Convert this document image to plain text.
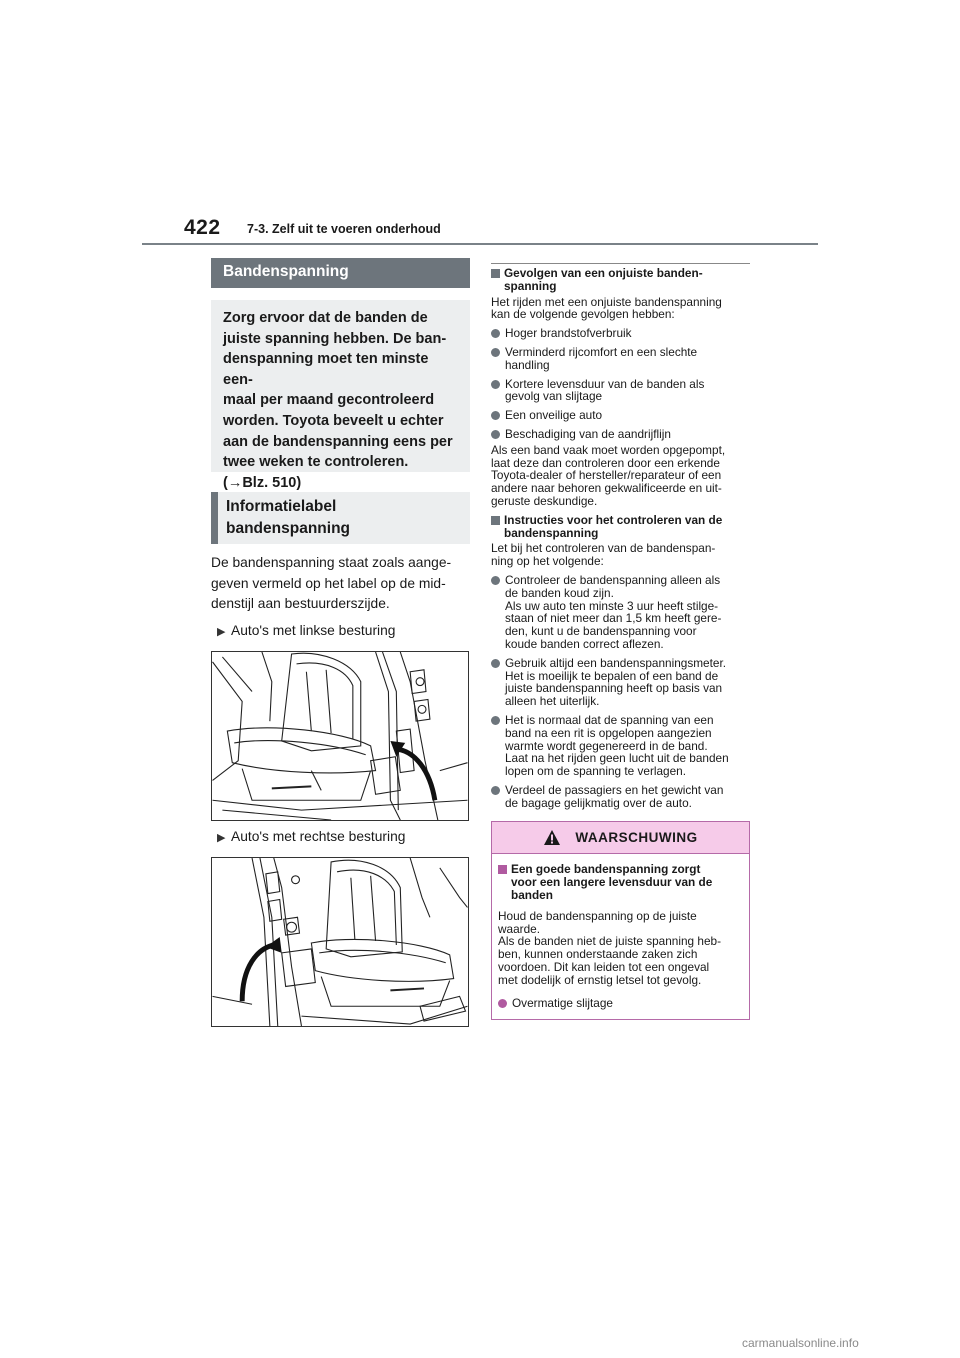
422 7-3. Zelf uit te voeren onderhoud
Bandenspanning
Zorg ervoor dat de banden de
juiste spanning hebben. De ban-
denspanning moet ten minste een-
maal per maand gecontroleerd
worden. Toyota beveelt u echter
aan de bandenspanning eens per
twee weken te controleren.
(→Blz. 510)
Informatielabel
bandenspanning
De bandenspanning staat zoals aange-
geven vermeld op het label op de mid-
denstijl aan bestuurderszijde.
▶ Auto's met linkse besturing
▶ Auto's met rechtse besturing
Gevolgen van een onjuiste banden-
spanning
Het rijden met een onjuiste bandenspanning
kan de volgende gevolgen hebben:
Hoger brandstofverbruik
Verminderd rijcomfort en een slechte
handling
Kortere levensduur van de banden als
gevolg van slijtage
Een onveilige auto
Beschadiging van de aandrijflijn
Als een band vaak moet worden opgepompt,
laat deze dan controleren door een erkende
Toyota-dealer of hersteller/reparateur of een
andere naar behoren gekwalificeerde en uit-
geruste deskundige.
Instructies voor het controleren van de
bandenspanning
Let bij het controleren van de bandenspan-
ning op het volgende:
Controleer de bandenspanning alleen als
de banden koud zijn.
Als uw auto ten minste 3 uur heeft stilge-
staan of niet meer dan 1,5 km heeft gere-
den, kunt u de bandenspanning voor
koude banden correct aflezen.
Gebruik altijd een bandenspanningsmeter.
Het is moeilijk te bepalen of een band de
juiste bandenspanning heeft op basis van
alleen het uiterlijk.
Het is normaal dat de spanning van een
band na een rit is opgelopen aangezien
warmte wordt gegenereerd in de band.
Laat na het rijden geen lucht uit de banden
lopen om de spanning te verlagen.
Verdeel de passagiers en het gewicht van
de bagage gelijkmatig over de auto.
WAARSCHUWING
Een goede bandenspanning zorgt
voor een langere levensduur van de
banden
Houd de bandenspanning op de juiste
waarde.
Als de banden niet de juiste spanning heb-
ben, kunnen onderstaande zaken zich
voordoen. Dit kan leiden tot een ongeval
met dodelijk of ernstig letsel tot gevolg.
Overmatige slijtage
carmanualsonline.info
